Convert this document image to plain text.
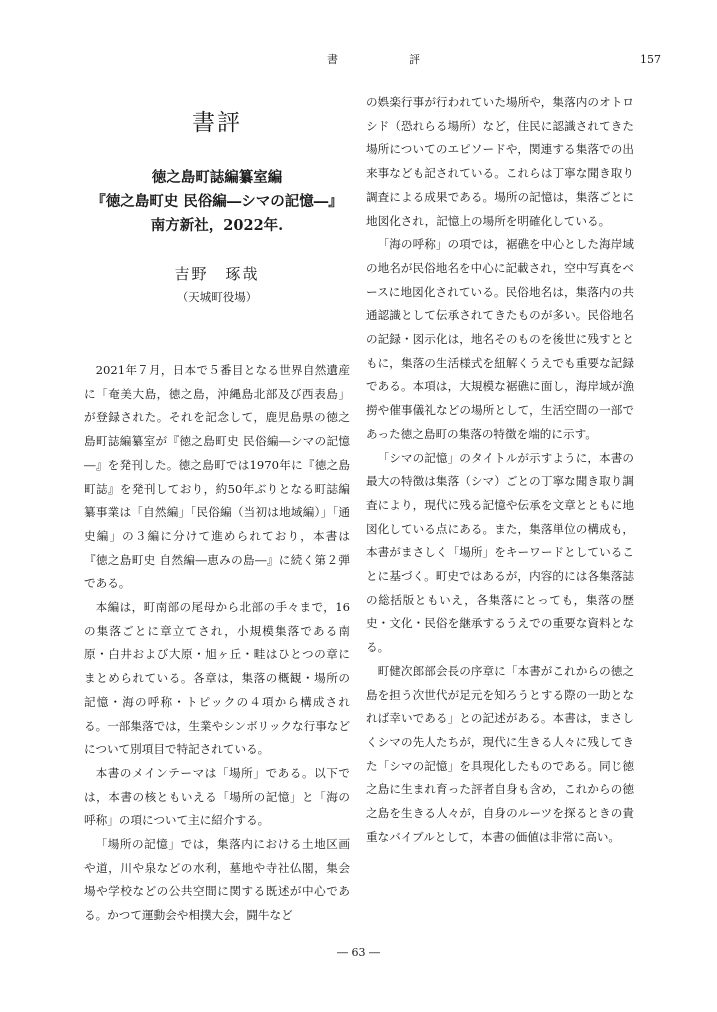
書　評	157
書評
徳之島町誌編纂室編
『徳之島町史 民俗編―シマの記憶―』
南方新社，2022年.
吉野　琢哉
（天城町役場）

2021年７月，日本で５番目となる世界自然遺産に「奄美大島，徳之島，沖縄島北部及び西表島」が登録された。それを記念して，鹿児島県の徳之島町誌編纂室が『徳之島町史 民俗編―シマの記憶―』を発刊した。徳之島町では1970年に『徳之島町誌』を発刊しており，約50年ぶりとなる町誌編纂事業は「自然編」「民俗編（当初は地域編）」「通史編」の３編に分けて進められており，本書は『徳之島町史 自然編―恵みの島―』に続く第２弾である。

本編は，町南部の尾母から北部の手々まで，16の集落ごとに章立てされ，小規模集落である南原・白井および大原・旭ヶ丘・畦はひとつの章にまとめられている。各章は，集落の概観・場所の記憶・海の呼称・トピックの４項から構成される。一部集落では，生業やシンボリックな行事などについて別項目で特記されている。

本書のメインテーマは「場所」である。以下では，本書の核ともいえる「場所の記憶」と「海の呼称」の項について主に紹介する。

「場所の記憶」では，集落内における土地区画や道，川や泉などの水利，墓地や寺社仏閣，集会場や学校などの公共空間に関する既述が中心である。かつて運動会や相撲大会，闘牛など

の娯楽行事が行われていた場所や，集落内のオトロシド（恐れらる場所）など，住民に認識されてきた場所についてのエピソードや，関連する集落での出来事なども記されている。これらは丁寧な聞き取り調査による成果である。場所の記憶は，集落ごとに地図化され，記憶上の場所を明確化している。

「海の呼称」の項では，裾礁を中心とした海岸域の地名が民俗地名を中心に記載され，空中写真をベースに地図化されている。民俗地名は，集落内の共通認識として伝承されてきたものが多い。民俗地名の記録・図示化は，地名そのものを後世に残すとともに，集落の生活様式を紐解くうえでも重要な記録である。本項は，大規模な裾礁に面し，海岸域が漁撈や催事儀礼などの場所として，生活空間の一部であった徳之島町の集落の特徴を端的に示す。

「シマの記憶」のタイトルが示すように，本書の最大の特徴は集落（シマ）ごとの丁寧な聞き取り調査により，現代に残る記憶や伝承を文章とともに地図化している点にある。また，集落単位の構成も，本書がまさしく「場所」をキーワードとしていることに基づく。町史ではあるが，内容的には各集落誌の総括版ともいえ，各集落にとっても，集落の歴史・文化・民俗を継承するうえでの重要な資料となる。

町健次郎部会長の序章に「本書がこれからの徳之島を担う次世代が足元を知ろうとする際の一助となれば幸いである」との記述がある。本書は，まさしくシマの先人たちが，現代に生きる人々に残してきた「シマの記憶」を具現化したものである。同じ徳之島に生まれ育った評者自身も含め，これからの徳之島を生きる人々が，自身のルーツを探るときの貴重なバイブルとして，本書の価値は非常に高い。

― 63 ―
